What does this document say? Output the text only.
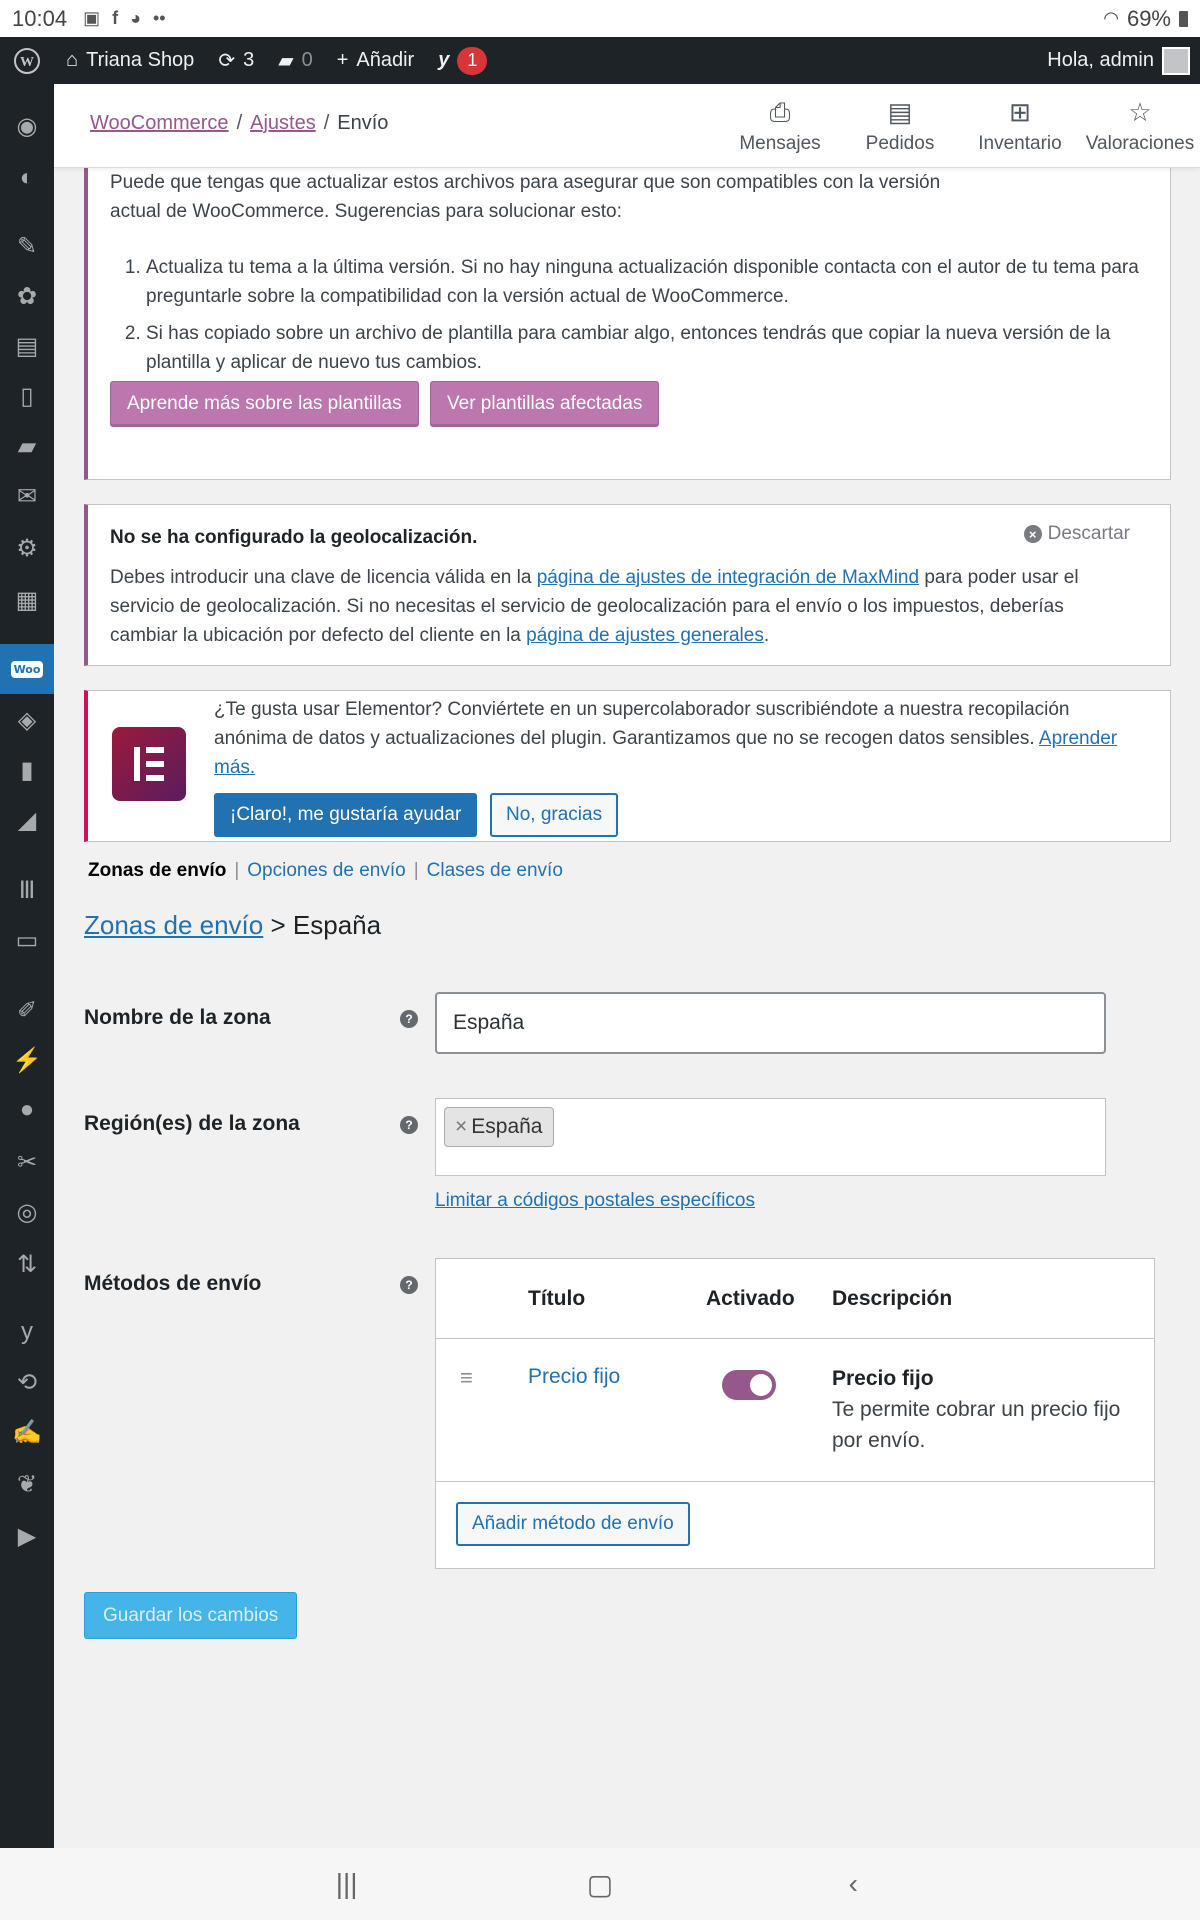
10:04 ▣ f ◕ ••	◠ 69%
W ⌂ Triana Shop ⟳ 3 ▰ 0 + Añadir y 1	Hola, admin
◉
◐
✎
✿
▤
▯
▰
✉
⚙
▦
Woo
◈
▮
◢
Ⅲ
▭
✐
⚡
●
✂
◎
⇅
y
⟲
✍
❦
▶
WooCommerce / Ajustes / Envío	⎙
Mensajes
▤
Pedidos
⊞
Inventario
☆
Valoraciones

Puede que tengas que actualizar estos archivos para asegurar que son compatibles con la versión actual de WooCommerce. Sugerencias para solucionar esto:

1. Actualiza tu tema a la última versión. Si no hay ninguna actualización disponible contacta con el autor de tu tema para preguntarle sobre la compatibilidad con la versión actual de WooCommerce.
2. Si has copiado sobre un archivo de plantilla para cambiar algo, entonces tendrás que copiar la nueva versión de la plantilla y aplicar de nuevo tus cambios.
Aprende más sobre las plantillas	Ver plantillas afectadas

No se ha configurado la geolocalización.	× Descartar

Debes introducir una clave de licencia válida en la página de ajustes de integración de MaxMind para poder usar el servicio de geolocalización. Si no necesitas el servicio de geolocalización para el envío o los impuestos, deberías cambiar la ubicación por defecto del cliente en la página de ajustes generales.

¿Te gusta usar Elementor? Conviértete en un supercolaborador suscribiéndote a nuestra recopilación anónima de datos y actualizaciones del plugin. Garantizamos que no se recogen datos sensibles. Aprender más.

¡Claro!, me gustaría ayudar	No, gracias
Zonas de envío | Opciones de envío | Clases de envío
Zonas de envío > España
Nombre de la zona	? España
Región(es) de la zona	? × España
Limitar a códigos postales específicos
Métodos de envío	?
Título	Activado Descripción
≡	Precio fijo	Precio fijo
Te permite cobrar un precio fijo por envío.
Añadir método de envío
Guardar los cambios
|||	▢	‹
